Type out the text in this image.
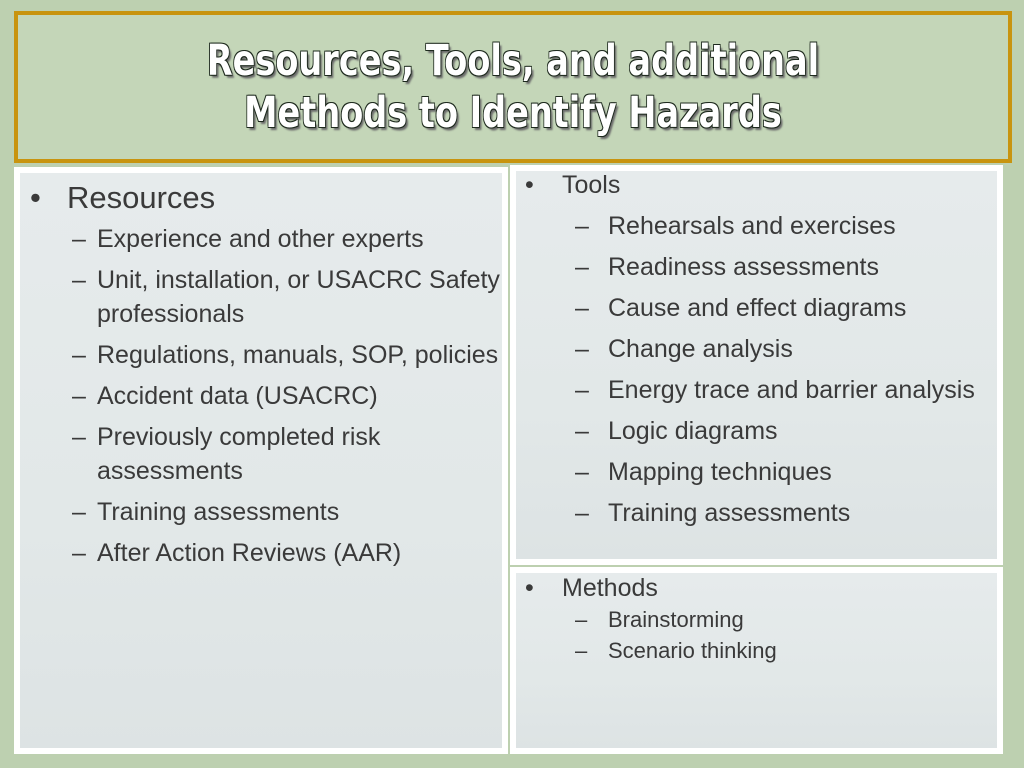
Resources, Tools, and additional Methods to Identify Hazards
• Resources
– Experience and other experts
– Unit, installation, or USACRC Safety professionals
– Regulations, manuals, SOP, policies
– Accident data (USACRC)
– Previously completed risk assessments
– Training assessments
– After Action Reviews (AAR)
• Tools
– Rehearsals and exercises
– Readiness assessments
– Cause and effect diagrams
– Change analysis
– Energy trace and barrier analysis
– Logic diagrams
– Mapping techniques
– Training assessments
• Methods
– Brainstorming
– Scenario thinking
